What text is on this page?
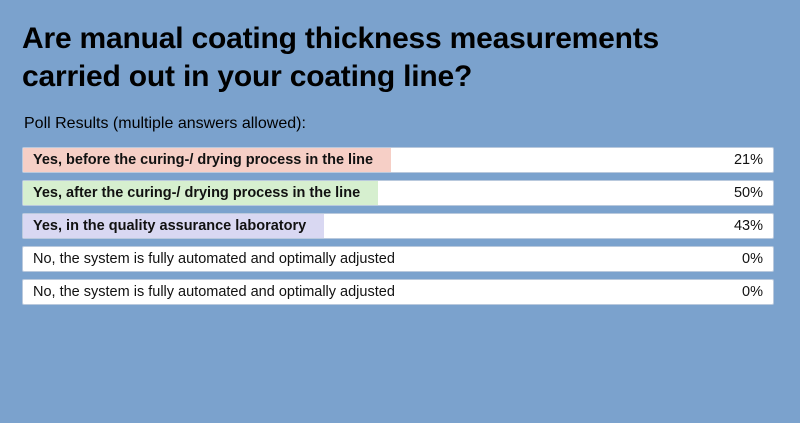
Are manual coating thickness measurements carried out in your coating line?
Poll Results (multiple answers allowed):
Yes, before the curing-/ drying process in the line	21%
Yes, after the curing-/ drying process in the line	50%
Yes, in the quality assurance laboratory	43%
No, the system is fully automated and optimally adjusted	0%
No, the system is fully automated and optimally adjusted	0%
